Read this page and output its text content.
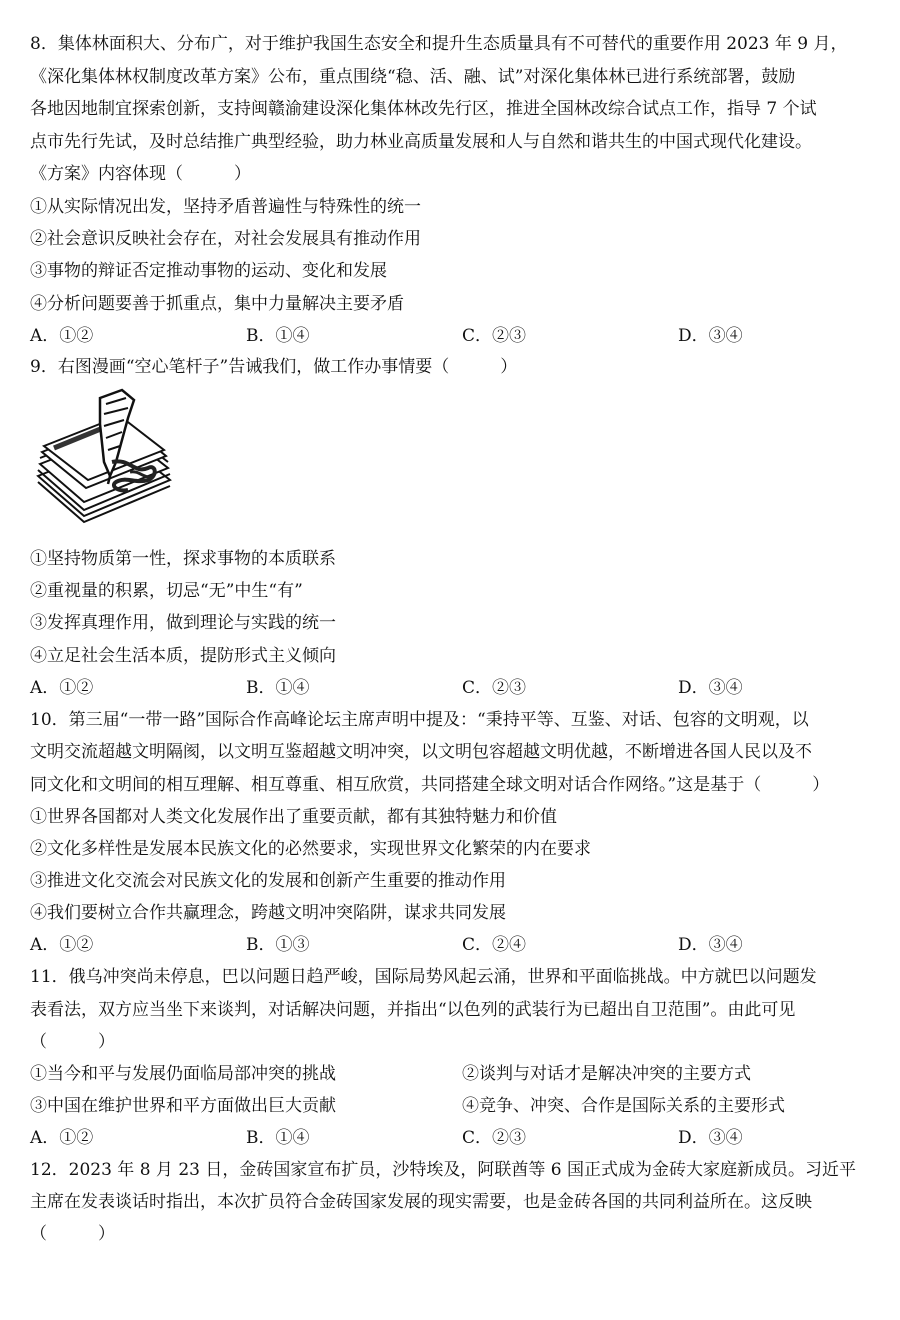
8．集体林面积大、分布广，对于维护我国生态安全和提升生态质量具有不可替代的重要作用 2023 年 9 月，
《深化集体林权制度改革方案》公布，重点围绕“稳、活、融、试”对深化集体林已进行系统部署，鼓励
各地因地制宜探索创新，支持闽赣渝建设深化集体林改先行区，推进全国林改综合试点工作，指导 7 个试
点市先行先试，及时总结推广典型经验，助力林业高质量发展和人与自然和谐共生的中国式现代化建设。
《方案》内容体现（　　　）
①从实际情况出发，坚持矛盾普遍性与特殊性的统一
②社会意识反映社会存在，对社会发展具有推动作用
③事物的辩证否定推动事物的运动、变化和发展
④分析问题要善于抓重点，集中力量解决主要矛盾
A．①②	B．①④	C．②③	D．③④
9．右图漫画“空心笔杆子”告诫我们，做工作办事情要（　　　）
①坚持物质第一性，探求事物的本质联系
②重视量的积累，切忌“无”中生“有”
③发挥真理作用，做到理论与实践的统一
④立足社会生活本质，提防形式主义倾向
A．①②	B．①④	C．②③	D．③④
10．第三届“一带一路”国际合作高峰论坛主席声明中提及：“秉持平等、互鉴、对话、包容的文明观，以
文明交流超越文明隔阂，以文明互鉴超越文明冲突，以文明包容超越文明优越，不断增进各国人民以及不
同文化和文明间的相互理解、相互尊重、相互欣赏，共同搭建全球文明对话合作网络。”这是基于（　　　）
①世界各国都对人类文化发展作出了重要贡献，都有其独特魅力和价值
②文化多样性是发展本民族文化的必然要求，实现世界文化繁荣的内在要求
③推进文化交流会对民族文化的发展和创新产生重要的推动作用
④我们要树立合作共赢理念，跨越文明冲突陷阱，谋求共同发展
A．①②	B．①③	C．②④	D．③④
11．俄乌冲突尚未停息，巴以问题日趋严峻，国际局势风起云涌，世界和平面临挑战。中方就巴以问题发
表看法，双方应当坐下来谈判，对话解决问题，并指出“以色列的武装行为已超出自卫范围”。由此可见
（　　　）
①当今和平与发展仍面临局部冲突的挑战	②谈判与对话才是解决冲突的主要方式
③中国在维护世界和平方面做出巨大贡献	④竞争、冲突、合作是国际关系的主要形式
A．①②	B．①④	C．②③	D．③④
12．2023 年 8 月 23 日，金砖国家宣布扩员，沙特埃及，阿联酋等 6 国正式成为金砖大家庭新成员。习近平
主席在发表谈话时指出，本次扩员符合金砖国家发展的现实需要，也是金砖各国的共同利益所在。这反映
（　　　）
